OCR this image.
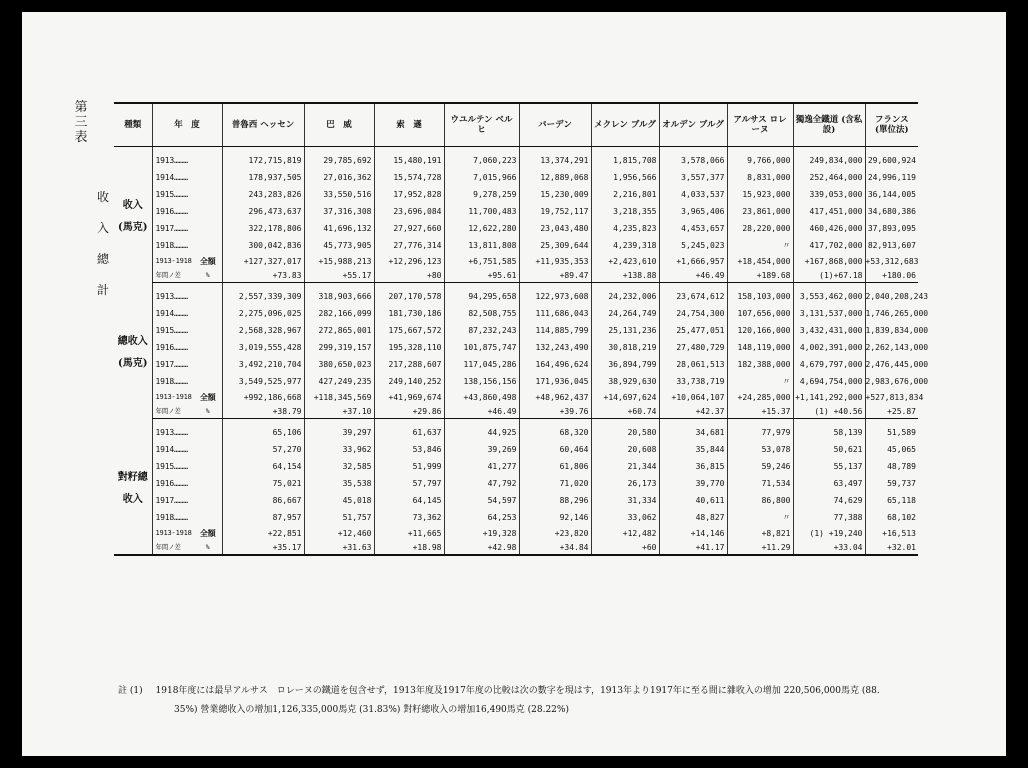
第三表
收
入
總
計
種類	年　度	普魯西 ヘッセン	巴　威	索　遜	ウユルテン ベルヒ	バーデン	メクレン ブルグ	オルデン ブルグ	アルサス ロレーヌ	獨逸全鐵道 (含私設)	フランス (單位法)

收入
(馬克)	1913………	172,715,819	29,785,692	15,480,191	7,060,223	13,374,291	1,815,708	3,578,066	9,766,000	249,834,000	29,600,924
	1914………	178,937,505	27,016,362	15,574,728	7,015,966	12,889,068	1,956,566	3,557,377	8,831,000	252,464,000	24,996,119
	1915………	243,283,826	33,550,516	17,952,828	9,278,259	15,230,009	2,216,801	4,033,537	15,923,000	339,053,000	36,144,005
	1916………	296,473,637	37,316,308	23,696,084	11,700,483	19,752,117	3,218,355	3,965,406	23,861,000	417,451,000	34,680,386
	1917………	322,178,806	41,696,132	27,927,660	12,622,280	23,043,480	4,235,823	4,453,657	28,220,000	460,426,000	37,893,095
	1918………	300,042,836	45,773,905	27,776,314	13,811,808	25,309,644	4,239,318	5,245,023	〃	417,702,000	82,913,607
	1913-1918 全額	+127,327,017	+15,988,213	+12,296,123	+6,751,585	+11,935,353	+2,423,610	+1,666,957	+18,454,000	+167,868,000	+53,312,683
	年間ノ差 %	+73.83	+55.17	+80	+95.61	+89.47	+138.88	+46.49	+189.68	(1)+67.18	+180.06

總收入
(馬克)	1913………	2,557,339,309	318,903,666	207,170,578	94,295,658	122,973,608	24,232,006	23,674,612	158,103,000	3,553,462,000	2,040,208,243
	1914………	2,275,096,025	282,166,099	181,730,186	82,508,755	111,686,043	24,264,749	24,754,300	107,656,000	3,131,537,000	1,746,265,000
	1915………	2,568,328,967	272,865,001	175,667,572	87,232,243	114,885,799	25,131,236	25,477,051	120,166,000	3,432,431,000	1,839,834,000
	1916………	3,019,555,428	299,319,157	195,328,110	101,875,747	132,243,490	30,818,219	27,480,729	148,119,000	4,002,391,000	2,262,143,000
	1917………	3,492,210,704	380,650,023	217,288,607	117,045,286	164,496,624	36,894,799	28,061,513	182,388,000	4,679,797,000	2,476,445,000
	1918………	3,549,525,977	427,249,235	249,140,252	138,156,156	171,936,045	38,929,630	33,738,719	〃	4,694,754,000	2,983,676,000
	1913-1918 全額	+992,186,668	+118,345,569	+41,969,674	+43,860,498	+48,962,437	+14,697,624	+10,064,107	+24,285,000	+1,141,292,000	+527,813,834
	年間ノ差 %	+38.79	+37.10	+29.86	+46.49	+39.76	+60.74	+42.37	+15.37	(1) +40.56	+25.87

對籽總收入	1913………	65,106	39,297	61,637	44,925	68,320	20,580	34,681	77,979	58,139	51,589
	1914………	57,270	33,962	53,846	39,269	60,464	20,608	35,844	53,078	50,621	45,065
	1915………	64,154	32,585	51,999	41,277	61,806	21,344	36,815	59,246	55,137	48,789
	1916………	75,021	35,538	57,797	47,792	71,020	26,173	39,770	71,534	63,497	59,737
	1917………	86,667	45,018	64,145	54,597	88,296	31,334	40,611	86,800	74,629	65,118
	1918………	87,957	51,757	73,362	64,253	92,146	33,062	48,827	〃	77,388	68,102
	1913-1918 全額	+22,851	+12,460	+11,665	+19,328	+23,820	+12,482	+14,146	+8,821	(1) +19,240	+16,513
	年間ノ差 %	+35.17	+31.63	+18.98	+42.98	+34.84	+60	+41.17	+11.29	+33.04	+32.01
註 (1) 1918年度には最早アルサス　ロレーヌの鐵道を包含せず，1913年度及1917年度の比較は次の數字を現はす，1913年より1917年に至る間に雜收入の增加 220,506,000馬克 (88.
35%) 營業總收入の增加1,126,335,000馬克 (31.83%) 對籽總收入の增加16,490馬克 (28.22%)
